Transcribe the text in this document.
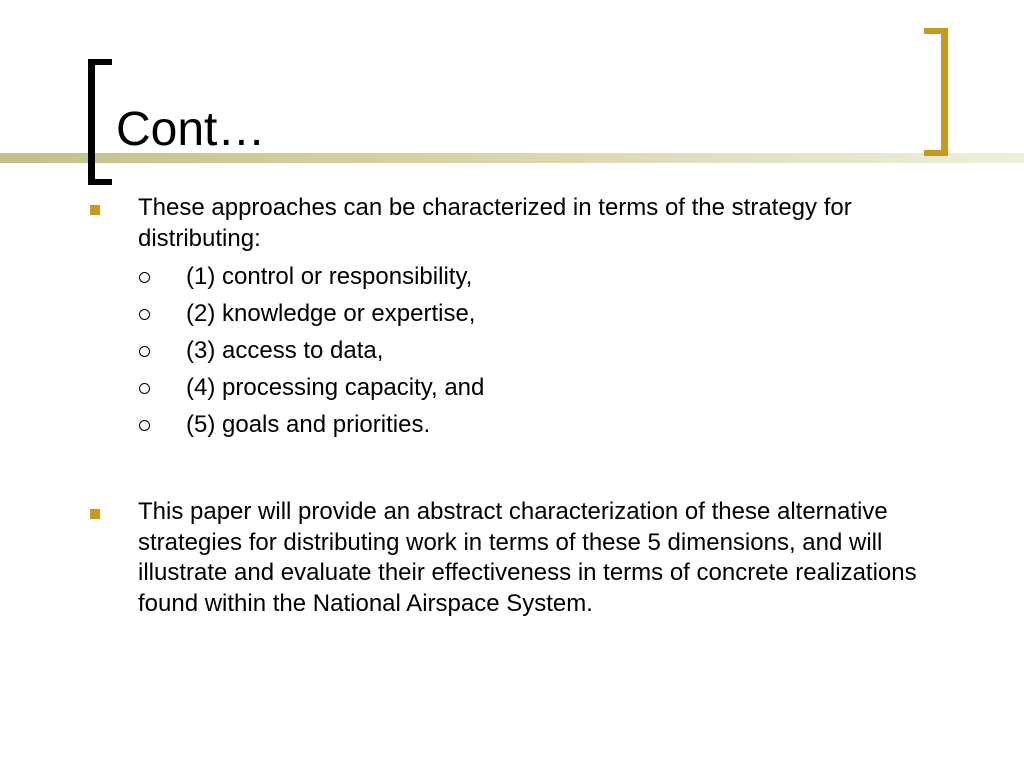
Cont…
These approaches can be characterized in terms of the strategy for distributing:
(1) control or responsibility,
(2) knowledge or expertise,
(3) access to data,
(4) processing capacity, and
(5) goals and priorities.
This paper will provide an abstract characterization of these alternative strategies for distributing work in terms of these 5 dimensions, and will illustrate and evaluate their effectiveness in terms of concrete realizations found within the National Airspace System.
